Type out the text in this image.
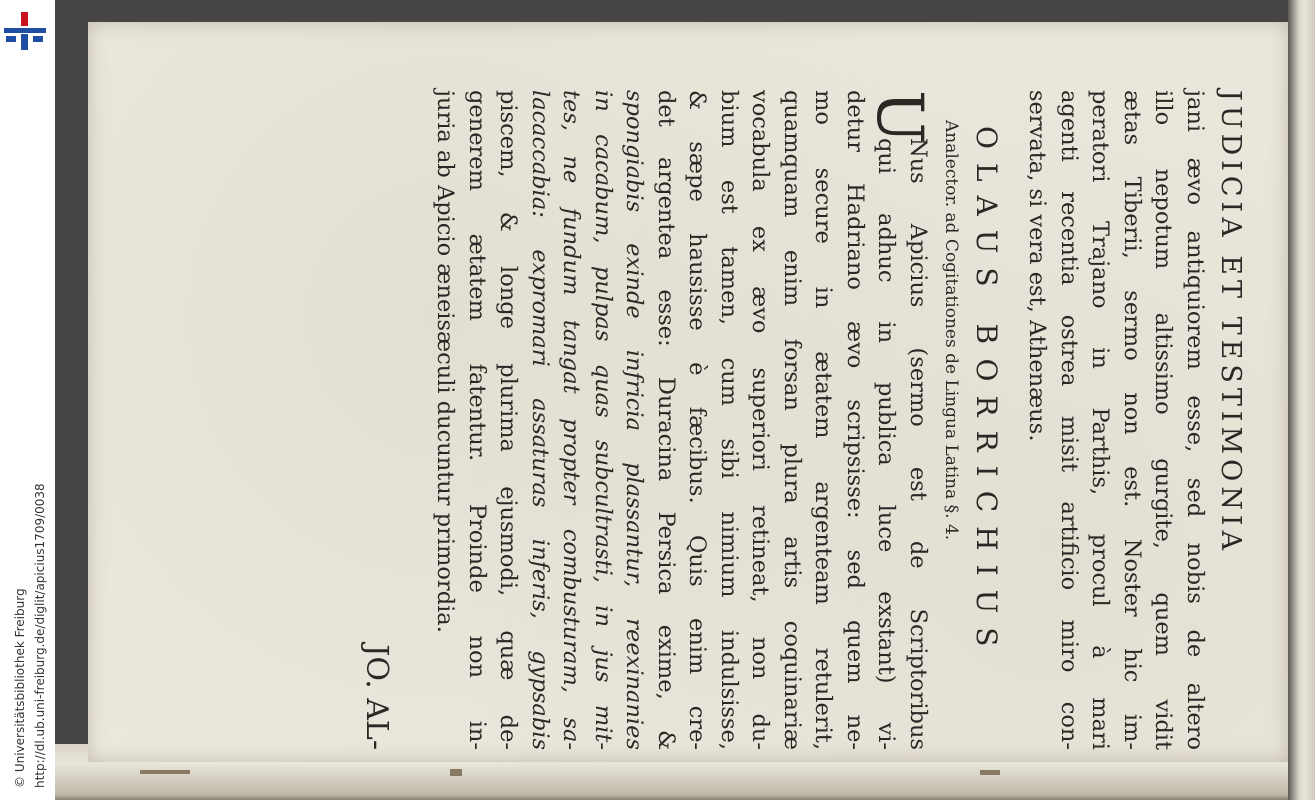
http://dl.ub.uni-freiburg.de/diglit/apicius1709/0038
© Universitätsbibliothek Freiburg
JUDICIA ET TESTIMONIA
jani ævo antiquiorem esse, sed nobis de altero
illo nepotum altissimo gurgite, quem vidit
ætas Tiberii, sermo non est. Noster hic im-
peratori Trajano in Parthis, procul à mari
agenti recentia ostrea misit artificio miro con-
servata, si vera est, Athenæus.
OLAUS BORRICHIUS
Analector. ad Cogitationes de Lingua Latina §. 4.
U
Nus Apicius (sermo est de Scriptoribus
qui adhuc in publica luce exstant) vi-
detur Hadriano ævo scripsisse: sed quem ne-
mo secure in ætatem argenteam retulerit,
quamquam enim forsan plura artis coquinariæ
vocabula ex ævo superiori retineat, non du-
bium est tamen, cum sibi nimium indulsisse,
& sæpe hausisse è fæcibus. Quis enim cre-
det argentea esse: Duracina Persica exime, &
spongiabis exinde infricia plassantur, reexinanies
in cacabum, pulpas quas subcultrasti, in jus mit-
tes, ne fundum tangat propter combusturam, sa-
lacaccabia: expromari assaturas inferis, gypsabis
piscem, & longe plurima ejusmodi, quæ de-
generem ætatem fatentur. Proinde non in-
juria ab Apicio æneisæculi ducuntur primordia.
JO. AL-
